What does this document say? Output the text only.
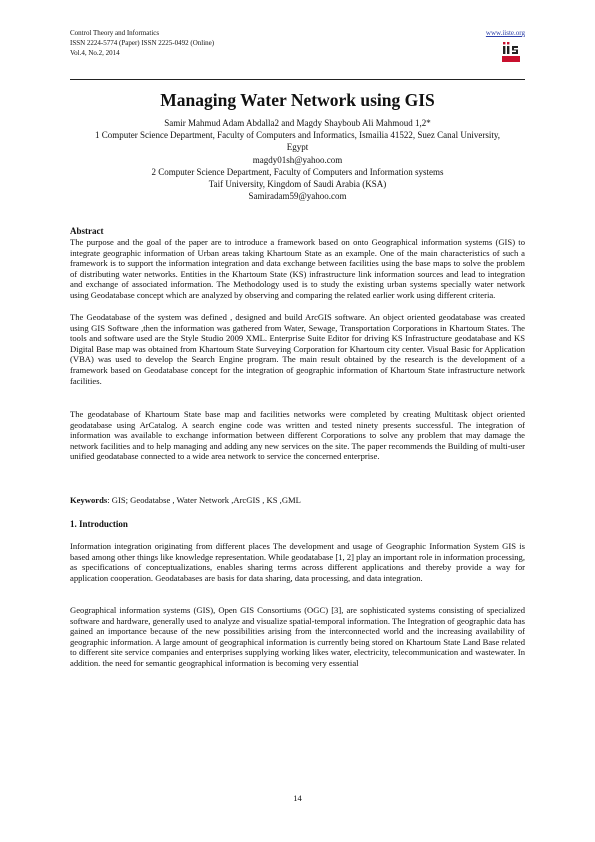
Control Theory and Informatics
ISSN 2224-5774 (Paper) ISSN 2225-0492 (Online)
Vol.4, No.2, 2014
www.iiste.org
Managing Water Network using GIS
Samir Mahmud Adam Abdalla2 and Magdy Shayboub Ali Mahmoud 1,2*
1 Computer Science Department, Faculty of Computers and Informatics, Ismailia 41522, Suez Canal University,
Egypt
magdy01sh@yahoo.com
2 Computer Science Department, Faculty of Computers and Information systems
Taif University, Kingdom of Saudi Arabia (KSA)
Samiradam59@yahoo.com
Abstract
The purpose and the goal of the paper are to introduce a framework based on onto Geographical information systems (GIS) to integrate geographic information of Urban areas taking Khartoum State as an example. One of the main characteristics of such a framework is to support the information integration and data exchange between facilities using the base maps to solve the problem of distributing water networks. Entities in the Khartoum State (KS) infrastructure link information sources and lead to integration and exchange of associated information. The Methodology used is to study the existing urban systems specially water network using Geodatabase concept which are analyzed by observing and comparing the related earlier work using different criteria.
The Geodatabase of the system was defined , designed and build ArcGIS software. An object oriented geodatabase was created using GIS Software ,then the information was gathered from Water, Sewage, Transportation Corporations in Khartoum States. The tools and software used are the Style Studio 2009 XML. Enterprise Suite Editor for driving KS Infrastructure geodatabase and KS Digital Base map was obtained from Khartoum State Surveying Corporation for Khartoum city center. Visual Basic for Application (VBA) was used to develop the Search Engine program. The main result obtained by the research is the development of a framework based on Geodatabase concept for the integration of geographic information of Khartoum State infrastructure network facilities.
The geodatabase of Khartoum State base map and facilities networks were completed by creating Multitask object oriented geodatabase using ArCatalog. A search engine code was written and tested ninety presents successful. The integration of information was available to exchange information between different Corporations to solve any problem that may damage the network facilities and to help managing and adding any new services on the site. The paper recommends the Building of multi-user unified geodatabase connected to a wide area network to service the concerned enterprise.
Keywords: GIS; Geodatabse , Water Network ,ArcGIS , KS ,GML
1. Introduction
Information integration originating from different places The development and usage of Geographic Information System GIS is based among other things like knowledge representation. While geodatabase [1, 2] play an important role in information processing, as specifications of conceptualizations, enables sharing terms across different applications and thereby provide a way for application cooperation. Geodatabases are basis for data sharing, data processing, and data integration.
Geographical information systems (GIS), Open GIS Consortiums (OGC) [3], are sophisticated systems consisting of specialized software and hardware, generally used to analyze and visualize spatial-temporal information. The Integration of geographic data has gained an importance because of the new possibilities arising from the interconnected world and the increasing availability of geographic information. A large amount of geographical information is currently being stored on Khartoum State Land Base related to different site service companies and enterprises supplying working likes water, electricity, telecommunication and wastewater. In addition. the need for semantic geographical information is becoming very essential
14
